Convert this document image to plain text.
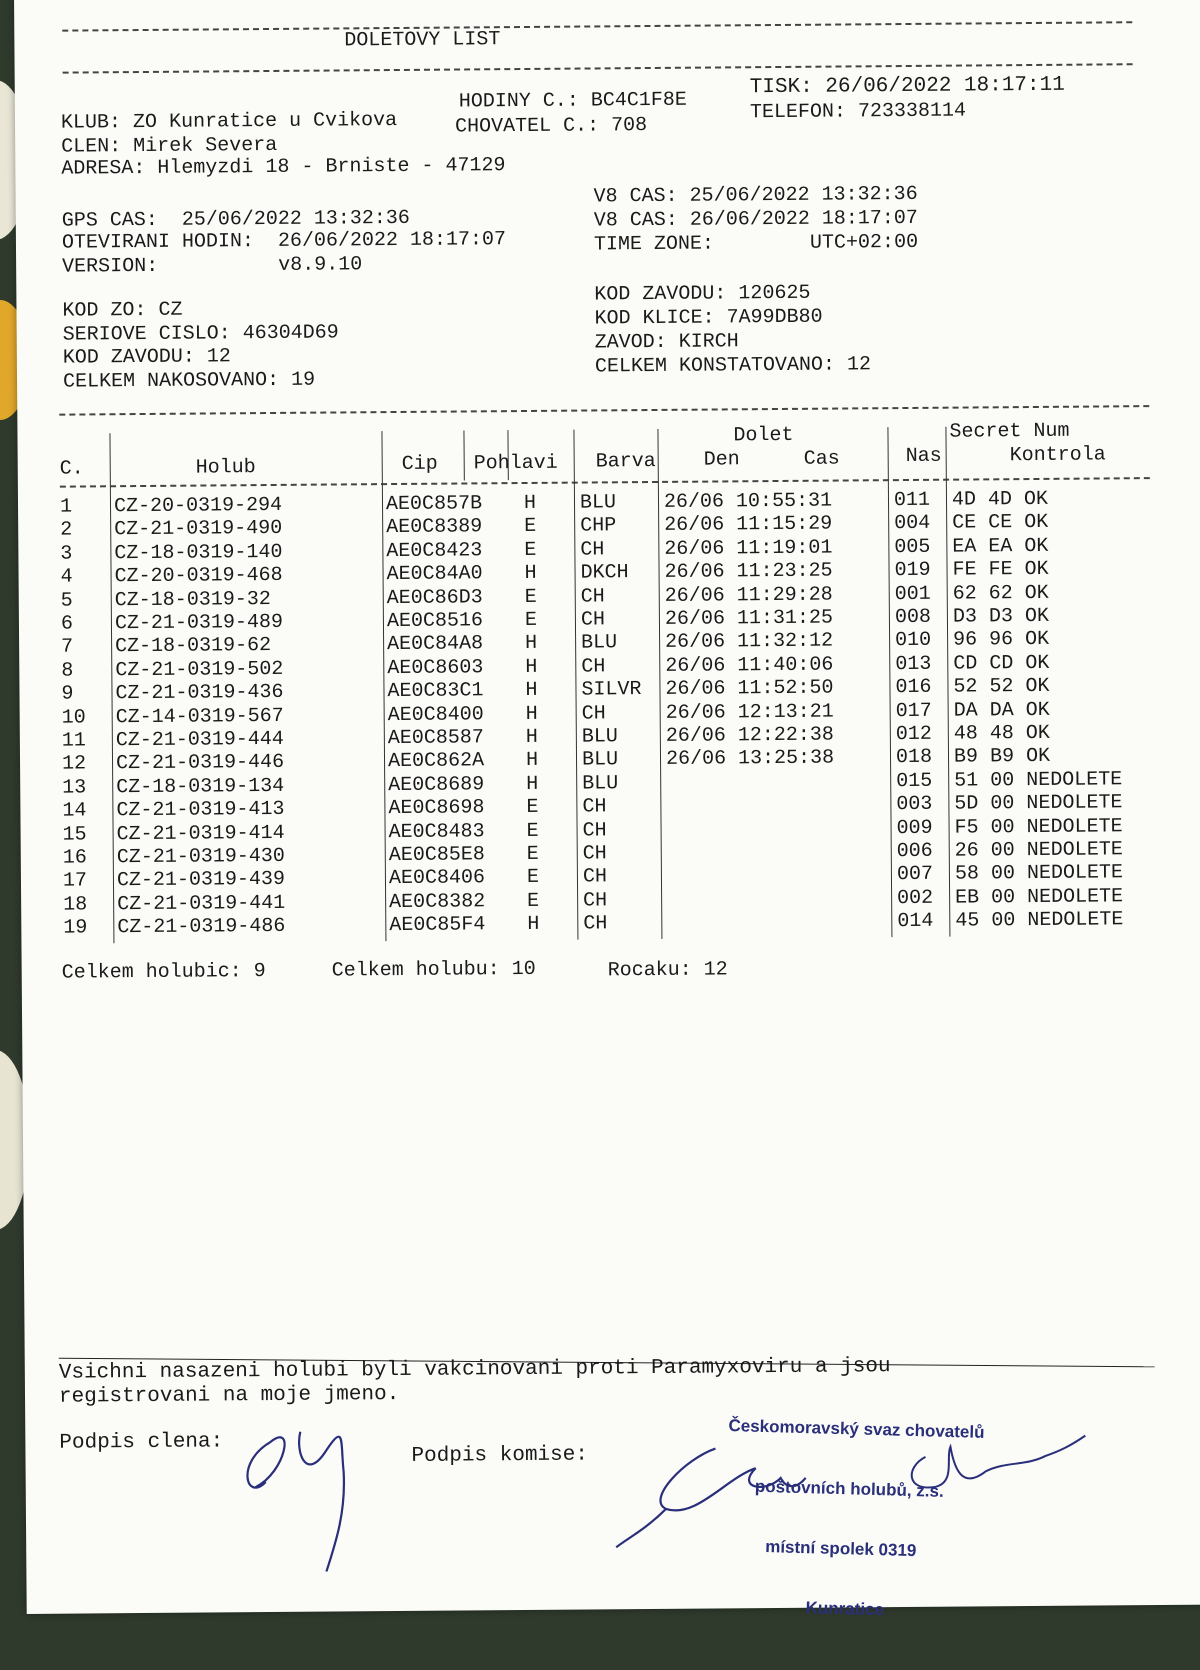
DOLETOVY LIST
KLUB: ZO Kunratice u Cvikova
HODINY C.: BC4C1F8E
TISK: 26/06/2022 18:17:11
CLEN: Mirek Severa
CHOVATEL C.: 708
TELEFON: 723338114
ADRESA: Hlemyzdi 18 - Brniste - 47129
GPS CAS:  25/06/2022 13:32:36
OTEVIRANI HODIN:  26/06/2022 18:17:07
VERSION:          v8.9.10
V8 CAS: 25/06/2022 13:32:36
V8 CAS: 26/06/2022 18:17:07
TIME ZONE:        UTC+02:00
KOD ZO: CZ
SERIOVE CISLO: 46304D69
KOD ZAVODU: 12
CELKEM NAKOSOVANO: 19
KOD ZAVODU: 120625
KOD KLICE: 7A99DB80
ZAVOD: KIRCH
CELKEM KONSTATOVANO: 12
C.	Holub	Cip Pohlavi Barva
Dolet
Den	Cas	Nas
Secret Num
Kontrola
1 CZ-20-0319-294	AE0C857B H BLU 26/06 10:55:31	011 4D 4D OK
2 CZ-21-0319-490	AE0C8389 E CHP 26/06 11:15:29	004 CE CE OK
3 CZ-18-0319-140	AE0C8423 E CH	26/06 11:19:01	005 EA EA OK
4 CZ-20-0319-468	AE0C84A0 H DKCH 26/06 11:23:25	019 FE FE OK
5 CZ-18-0319-32	AE0C86D3 E CH	26/06 11:29:28	001 62 62 OK
6 CZ-21-0319-489	AE0C8516 E CH	26/06 11:31:25	008 D3 D3 OK
7 CZ-18-0319-62	AE0C84A8 H BLU 26/06 11:32:12	010 96 96 OK
8 CZ-21-0319-502	AE0C8603 H CH	26/06 11:40:06	013 CD CD OK
9 CZ-21-0319-436	AE0C83C1 H SILVR 26/06 11:52:50	016 52 52 OK
10 CZ-14-0319-567	AE0C8400 H CH	26/06 12:13:21	017 DA DA OK
11 CZ-21-0319-444	AE0C8587 H BLU 26/06 12:22:38	012 48 48 OK
12 CZ-21-0319-446	AE0C862A H BLU 26/06 13:25:38	018 B9 B9 OK
13 CZ-18-0319-134	AE0C8689 H BLU	015 51 00 NEDOLETE
14 CZ-21-0319-413	AE0C8698 E CH	003 5D 00 NEDOLETE
15 CZ-21-0319-414	AE0C8483 E CH	009 F5 00 NEDOLETE
16 CZ-21-0319-430	AE0C85E8 E CH	006 26 00 NEDOLETE
17 CZ-21-0319-439	AE0C8406 E CH	007 58 00 NEDOLETE
18 CZ-21-0319-441	AE0C8382 E CH	002 EB 00 NEDOLETE
19 CZ-21-0319-486	AE0C85F4 H CH	014 45 00 NEDOLETE
Celkem holubic: 9	Celkem holubu: 10	Rocaku: 12
Vsichni nasazeni holubi byli vakcinovani proti Paramyxoviru a jsou
registrovani na moje jmeno.
Podpis clena:
Podpis komise:

Českomoravský svaz chovatelů

poštovních holubů, z.s.

místní spolek 0319

Kunratice
